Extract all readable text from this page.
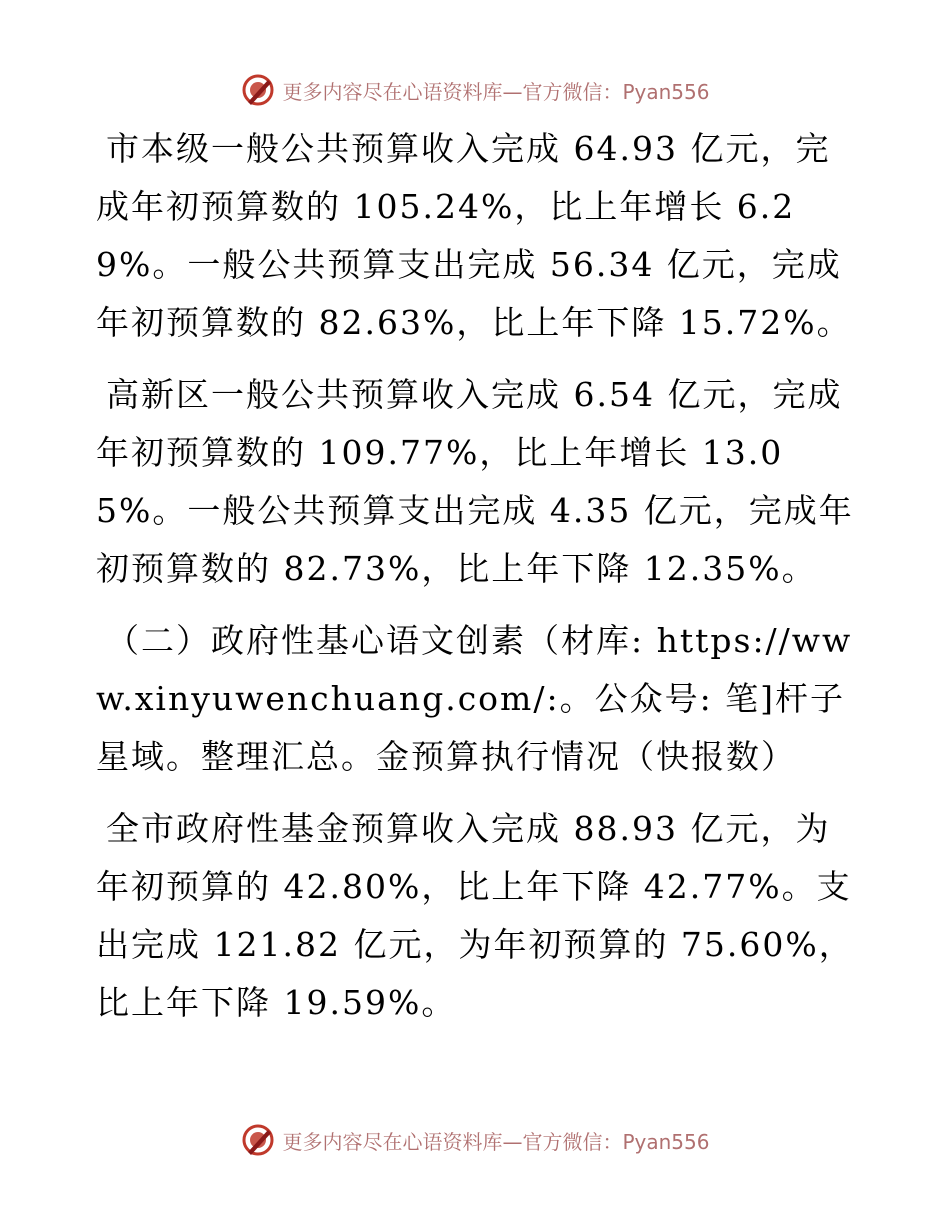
更多内容尽在心语资料库—官方微信：Pyan556

市本级一般公共预算收入完成 64.93 亿元，完成年初预算数的 105.24%，比上年增长 6.29%。一般公共预算支出完成 56.34 亿元，完成年初预算数的 82.63%，比上年下降 15.72%。

高新区一般公共预算收入完成 6.54 亿元，完成年初预算数的 109.77%，比上年增长 13.05%。一般公共预算支出完成 4.35 亿元，完成年初预算数的 82.73%，比上年下降 12.35%。

（二）政府性基心语文创素（材库: https://www.xinyuwenchuang.com/:。公众号: 笔]杆子星域。整理汇总。金预算执行情况（快报数）

全市政府性基金预算收入完成 88.93 亿元，为年初预算的 42.80%，比上年下降 42.77%。支出完成 121.82 亿元，为年初预算的 75.60%，比上年下降 19.59%。

更多内容尽在心语资料库—官方微信：Pyan556
